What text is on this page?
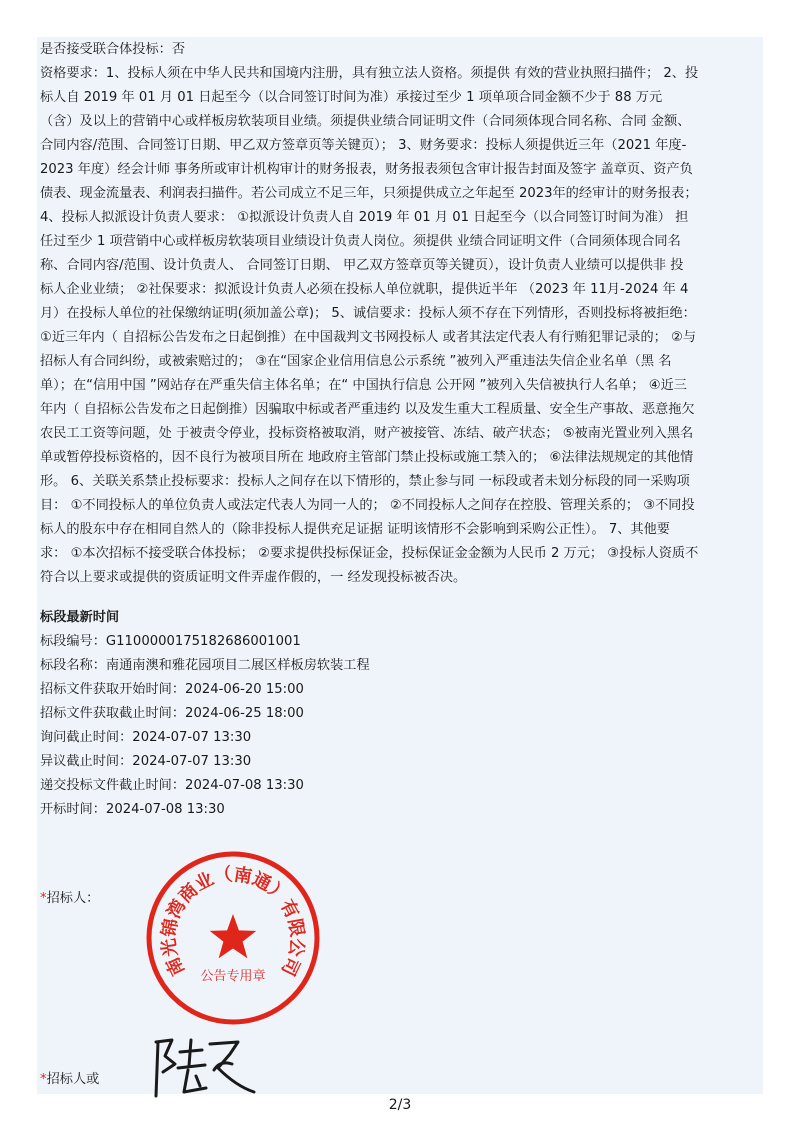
是否接受联合体投标：否
资格要求：1、投标人须在中华人民共和国境内注册，具有独立法人资格。须提供 有效的营业执照扫描件； 2、投
标人自 2019 年 01 月 01 日起至今（以合同签订时间为准）承接过至少 1 项单项合同金额不少于 88 万元
（含）及以上的营销中心或样板房软装项目业绩。须提供业绩合同证明文件（合同须体现合同名称、合同 金额、
合同内容/范围、合同签订日期、甲乙双方签章页等关键页）； 3、财务要求：投标人须提供近三年（2021 年度-
2023 年度）经会计师 事务所或审计机构审计的财务报表，财务报表须包含审计报告封面及签字 盖章页、资产负
债表、现金流量表、利润表扫描件。若公司成立不足三年，只须提供成立之年起至 2023年的经审计的财务报表；
4、投标人拟派设计负责人要求： ①拟派设计负责人自 2019 年 01 月 01 日起至今（以合同签订时间为准） 担
任过至少 1 项营销中心或样板房软装项目业绩设计负责人岗位。须提供 业绩合同证明文件（合同须体现合同名
称、合同内容/范围、设计负责人、 合同签订日期、 甲乙双方签章页等关键页），设计负责人业绩可以提供非 投
标人企业业绩； ②社保要求：拟派设计负责人必须在投标人单位就职，提供近半年 （2023 年 11月-2024 年 4
月）在投标人单位的社保缴纳证明(须加盖公章)； 5、诚信要求：投标人须不存在下列情形，否则投标将被拒绝：
①近三年内（ 自招标公告发布之日起倒推）在中国裁判文书网投标人 或者其法定代表人有行贿犯罪记录的； ②与
招标人有合同纠纷，或被索赔过的； ③在“国家企业信用信息公示系统 ”被列入严重违法失信企业名单（黑 名
单）；在“信用中国 ”网站存在严重失信主体名单；在“ 中国执行信息 公开网 ”被列入失信被执行人名单； ④近三
年内（ 自招标公告发布之日起倒推）因骗取中标或者严重违约 以及发生重大工程质量、安全生产事故、恶意拖欠
农民工工资等问题，处 于被责令停业，投标资格被取消，财产被接管、冻结、破产状态； ⑤被南光置业列入黑名
单或暂停投标资格的，因不良行为被项目所在 地政府主管部门禁止投标或施工禁入的； ⑥法律法规规定的其他情
形。 6、关联关系禁止投标要求：投标人之间存在以下情形的，禁止参与同 一标段或者未划分标段的同一采购项
目： ①不同投标人的单位负责人或法定代表人为同一人的； ②不同投标人之间存在控股、管理关系的； ③不同投
标人的股东中存在相同自然人的（除非投标人提供充足证据 证明该情形不会影响到采购公正性）。 7、其他要
求： ①本次招标不接受联合体投标； ②要求提供投标保证金，投标保证金金额为人民币 2 万元； ③投标人资质不
符合以上要求或提供的资质证明文件弄虚作假的，一 经发现投标被否决。
标段最新时间
标段编号：G1100000175182686001001
标段名称：南通南澳和雅花园项目二展区样板房软装工程
招标文件获取开始时间：2024-06-20 15:00
招标文件获取截止时间：2024-06-25 18:00
询问截止时间：2024-07-07 13:30
异议截止时间：2024-07-07 13:30
递交投标文件截止时间：2024-07-08 13:30
开标时间：2024-07-08 13:30
*招标人：
*招标人或
南光锦湾商业（南通）有限公司
公告专用章
2/3
